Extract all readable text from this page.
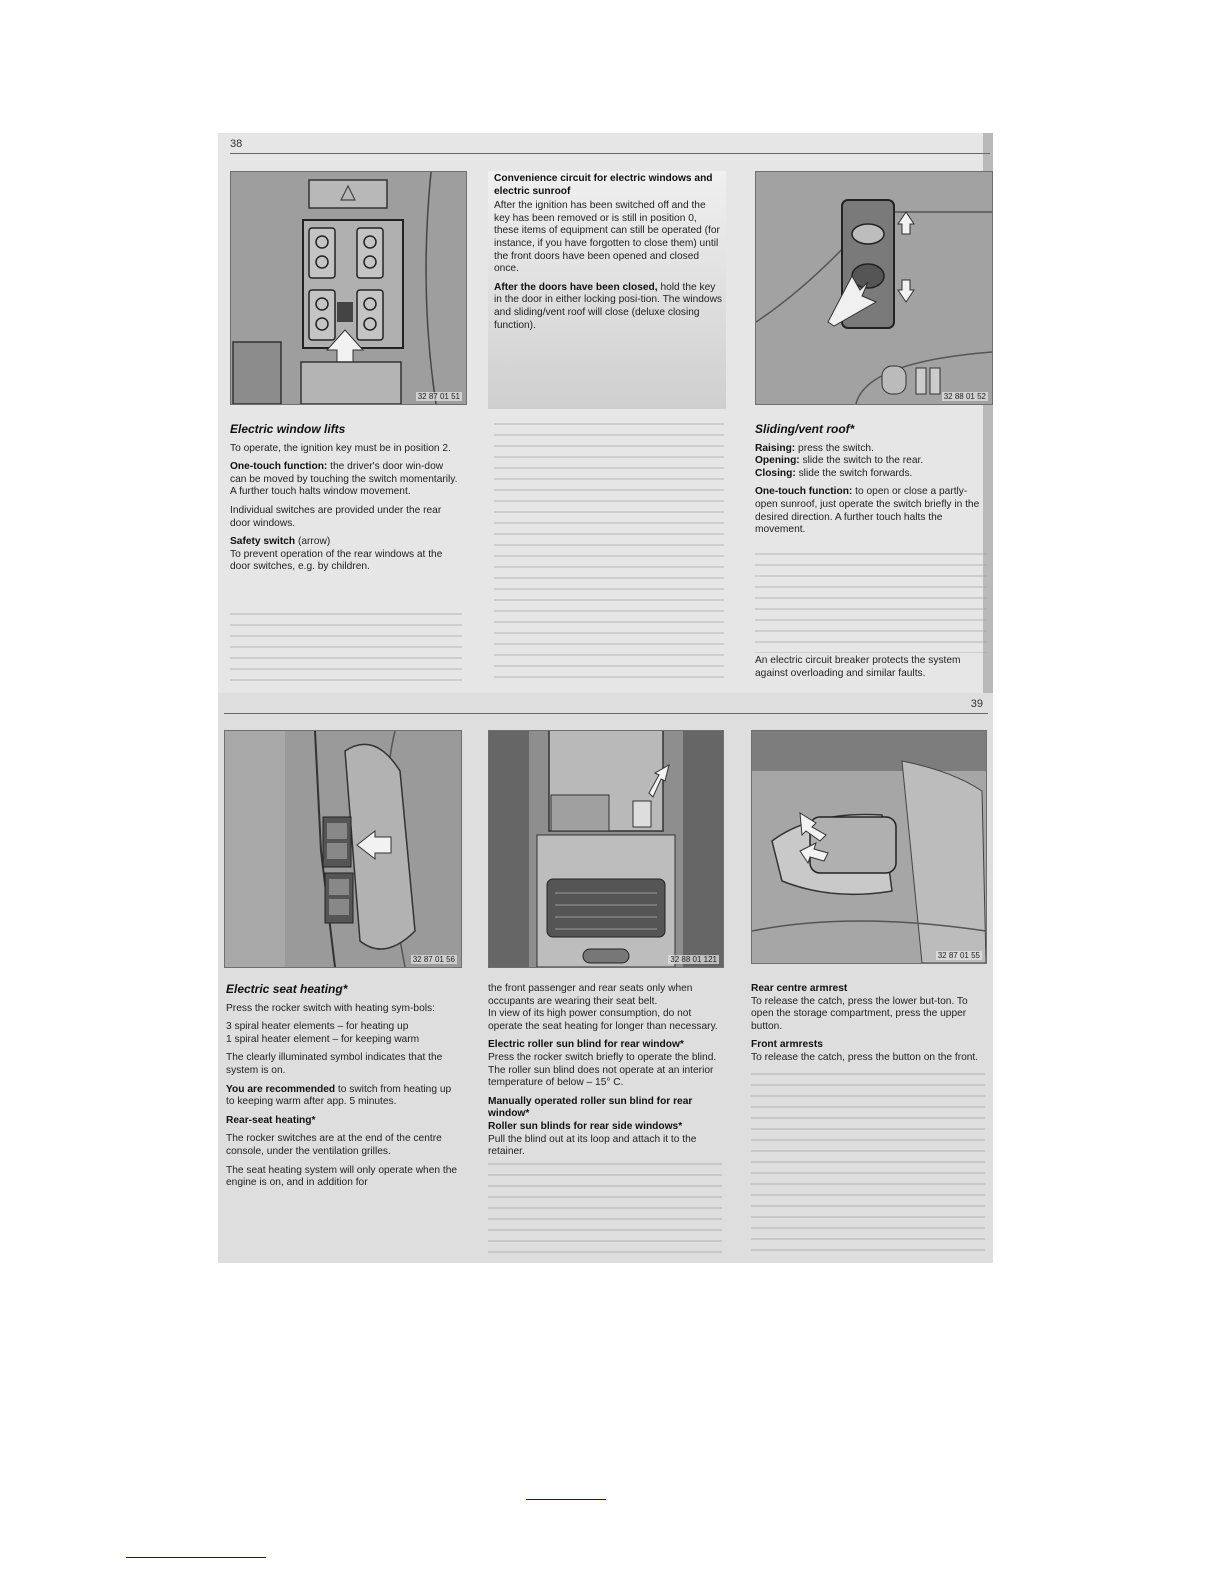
38
32 87 01 51	32 88 01 52
Electric window lifts

To operate, the ignition key must be in position 2.

One-touch function: the driver's door win-dow can be moved by touching the switch momentarily. A further touch halts window movement.

Individual switches are provided under the rear door windows.

Safety switch (arrow)

To prevent operation of the rear windows at the door switches, e.g. by children.

Convenience circuit for electric windows and electric sunroof

After the ignition has been switched off and the key has been removed or is still in position 0, these items of equipment can still be operated (for instance, if you have forgotten to close them) until the front doors have been opened and closed once.

After the doors have been closed, hold the key in the door in either locking posi-tion. The windows and sliding/vent roof will close (deluxe closing function).

Sliding/vent roof*

Raising: press the switch.

Opening: slide the switch to the rear.

Closing: slide the switch forwards.

One-touch function: to open or close a partly-open sunroof, just operate the switch briefly in the desired direction. A further touch halts the movement.

An electric circuit breaker protects the system against overloading and similar faults.

39
32 87 01 56	32 88 01 121	32 87 01 55
Electric seat heating*

Press the rocker switch with heating sym-bols:

3 spiral heater elements – for heating up

1 spiral heater element – for keeping warm

The clearly illuminated symbol indicates that the system is on.

You are recommended to switch from heating up to keeping warm after app. 5 minutes.

Rear-seat heating*

The rocker switches are at the end of the centre console, under the ventilation grilles.

The seat heating system will only operate when the engine is on, and in addition for

the front passenger and rear seats only when occupants are wearing their seat belt.

In view of its high power consumption, do not operate the seat heating for longer than necessary.

Electric roller sun blind for rear window*

Press the rocker switch briefly to operate the blind.

The roller sun blind does not operate at an interior temperature of below – 15° C.

Manually operated roller sun blind for rear window*

Roller sun blinds for rear side windows*

Pull the blind out at its loop and attach it to the retainer.

Rear centre armrest

To release the catch, press the lower but-ton. To open the storage compartment, press the upper button.

Front armrests

To release the catch, press the button on the front.
